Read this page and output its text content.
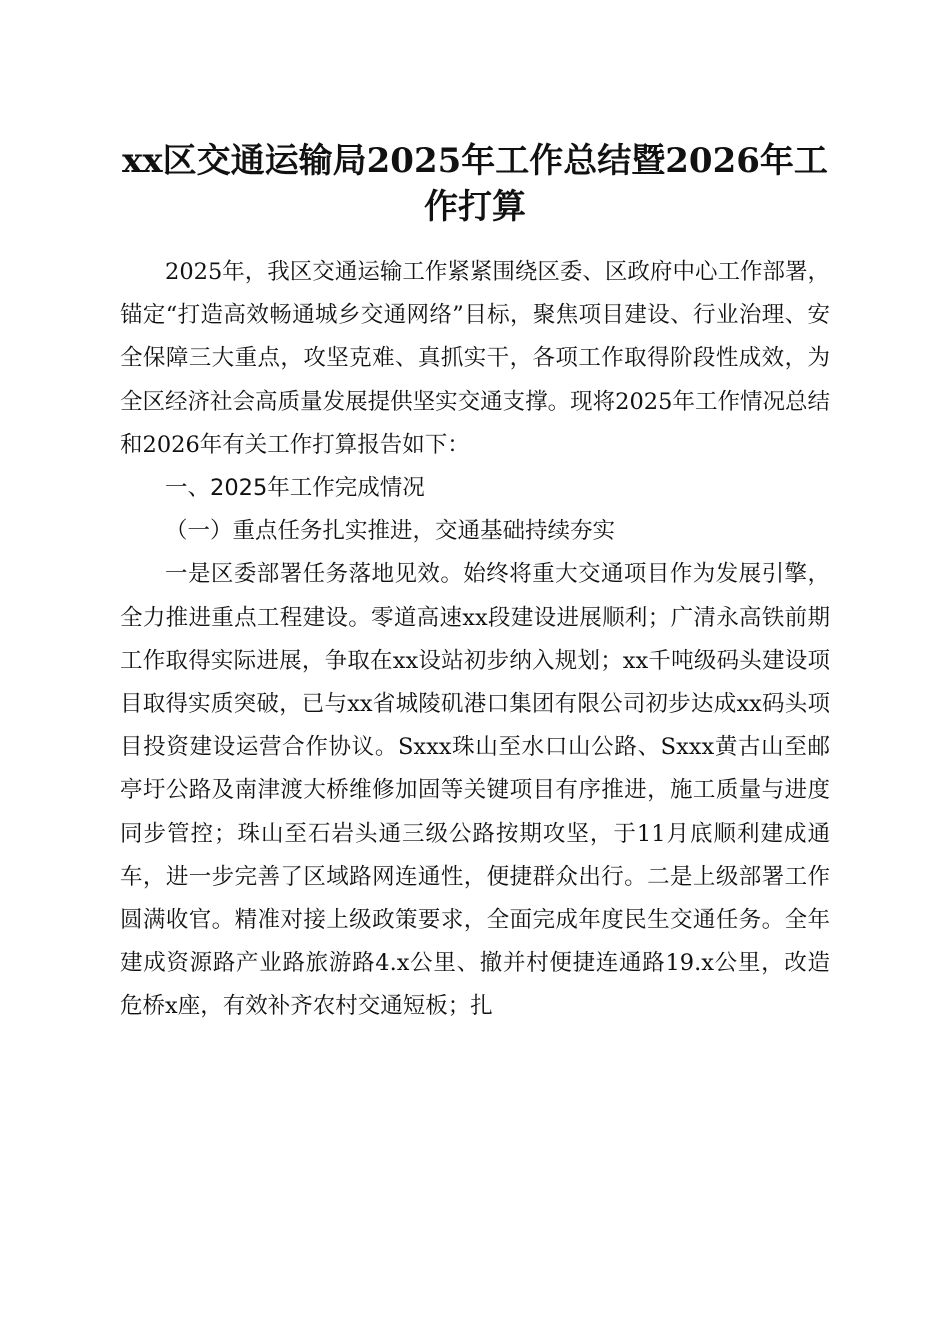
xx区交通运输局2025年工作总结暨2026年工作打算

2025年，我区交通运输工作紧紧围绕区委、区政府中心工作部署，锚定“打造高效畅通城乡交通网络”目标，聚焦项目建设、行业治理、安全保障三大重点，攻坚克难、真抓实干，各项工作取得阶段性成效，为全区经济社会高质量发展提供坚实交通支撑。现将2025年工作情况总结和2026年有关工作打算报告如下：

一、2025年工作完成情况

（一）重点任务扎实推进，交通基础持续夯实

一是区委部署任务落地见效。始终将重大交通项目作为发展引擎，全力推进重点工程建设。零道高速xx段建设进展顺利；广清永高铁前期工作取得实际进展，争取在xx设站初步纳入规划；xx千吨级码头建设项目取得实质突破，已与xx省城陵矶港口集团有限公司初步达成xx码头项目投资建设运营合作协议。Sxxx珠山至水口山公路、Sxxx黄古山至邮亭圩公路及南津渡大桥维修加固等关键项目有序推进，施工质量与进度同步管控；珠山至石岩头通三级公路按期攻坚，于11月底顺利建成通车，进一步完善了区域路网连通性，便捷群众出行。二是上级部署工作圆满收官。精准对接上级政策要求，全面完成年度民生交通任务。全年建成资源路产业路旅游路4.x公里、撤并村便捷连通路19.x公里，改造危桥x座，有效补齐农村交通短板；扎
